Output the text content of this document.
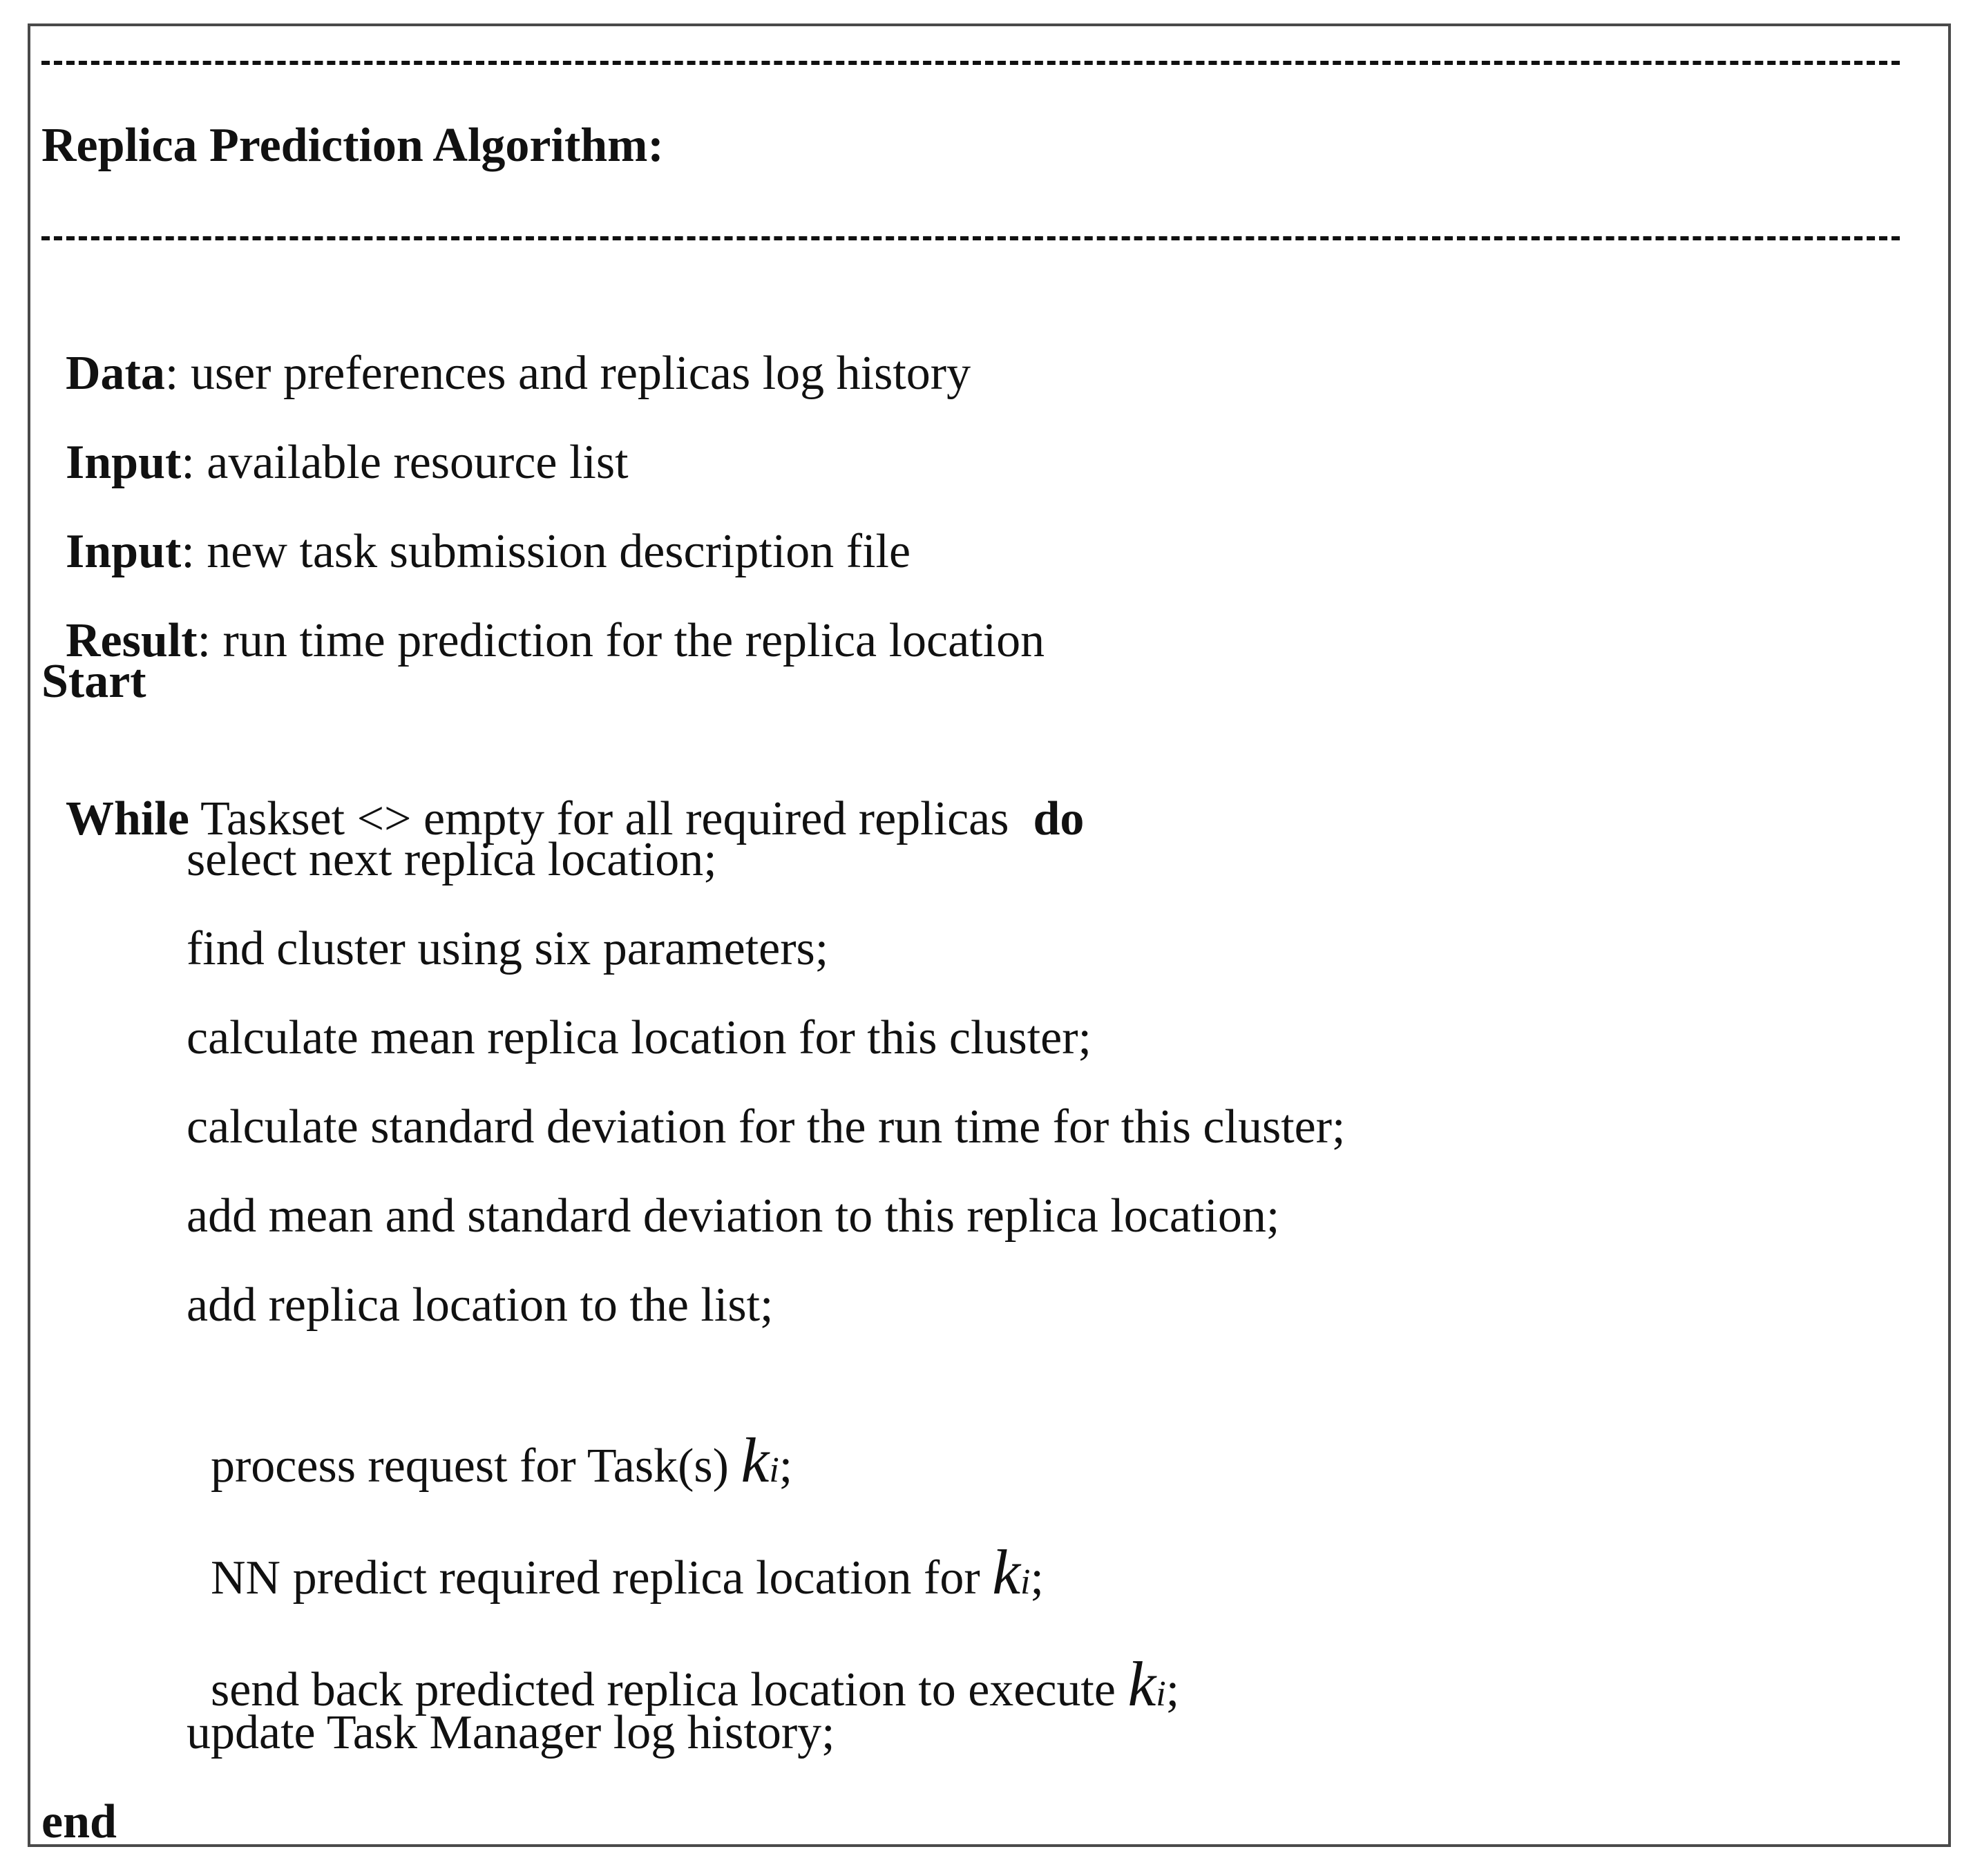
Replica Prediction Algorithm:

Data: user preferences and replicas log history

Input: available resource list

Input: new task submission description file

Result: run time prediction for the replica location

Start

While Taskset <> empty for all required replicas  do

select next replica location;
find cluster using six parameters;
calculate mean replica location for this cluster;
calculate standard deviation for the run time for this cluster;
add mean and standard deviation to this replica location;
add replica location to the list;

process request for Task(s) ki;

NN predict required replica location for ki;

send back predicted replica location to execute ki;

update Task Manager log history;
end
